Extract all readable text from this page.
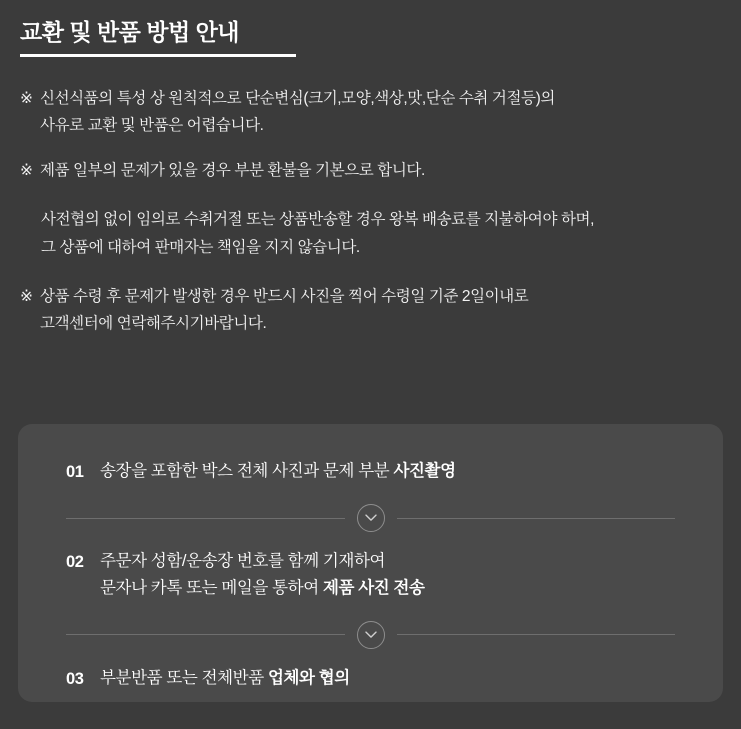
교환 및 반품 방법 안내
※ 신선식품의 특성 상 원칙적으로 단순변심(크기,모양,색상,맛,단순 수취 거절등)의
사유로 교환 및 반품은 어렵습니다.
※ 제품 일부의 문제가 있을 경우 부분 환불을 기본으로 합니다.
사전협의 없이 임의로 수취거절 또는 상품반송할 경우 왕복 배송료를 지불하여야 하며,
그 상품에 대하여 판매자는 책임을 지지 않습니다.
※ 상품 수령 후 문제가 발생한 경우 반드시 사진을 찍어 수령일 기준 2일이내로
고객센터에 연락해주시기바랍니다.
01 송장을 포함한 박스 전체 사진과 문제 부분 사진촬영
02 주문자 성함/운송장 번호를 함께 기재하여
문자나 카톡 또는 메일을 통하여 제품 사진 전송
03 부분반품 또는 전체반품 업체와 협의
